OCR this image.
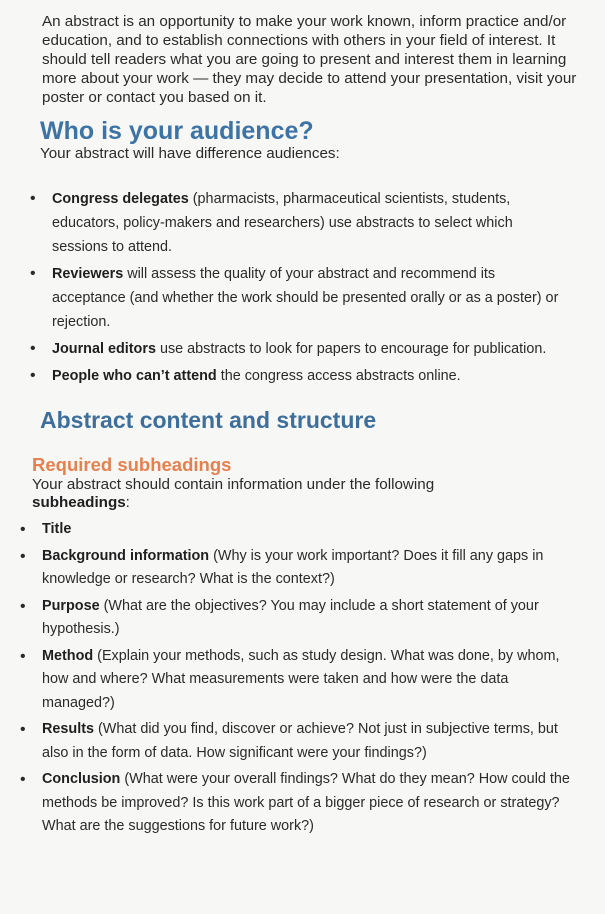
An abstract is an opportunity to make your work known, inform practice and/or education, and to establish connections with others in your field of interest. It should tell readers what you are going to present and interest them in learning more about your work — they may decide to attend your presentation, visit your poster or contact you based on it.

Who is your audience?
Your abstract will have difference audiences:
• Congress delegates (pharmacists, pharmaceutical scientists, students, educators, policy-makers and researchers) use abstracts to select which sessions to attend.
• Reviewers will assess the quality of your abstract and recommend its acceptance (and whether the work should be presented orally or as a poster) or rejection.
• Journal editors use abstracts to look for papers to encourage for publication.
• People who can’t attend the congress access abstracts online.
Abstract content and structure
Required subheadings
Your abstract should contain information under the following subheadings:
• Title
• Background information (Why is your work important? Does it fill any gaps in knowledge or research? What is the context?)
• Purpose (What are the objectives? You may include a short statement of your hypothesis.)
• Method (Explain your methods, such as study design. What was done, by whom, how and where? What measurements were taken and how were the data managed?)
• Results (What did you find, discover or achieve? Not just in subjective terms, but also in the form of data. How significant were your findings?)
• Conclusion (What were your overall findings? What do they mean? How could the methods be improved? Is this work part of a bigger piece of research or strategy? What are the suggestions for future work?)
